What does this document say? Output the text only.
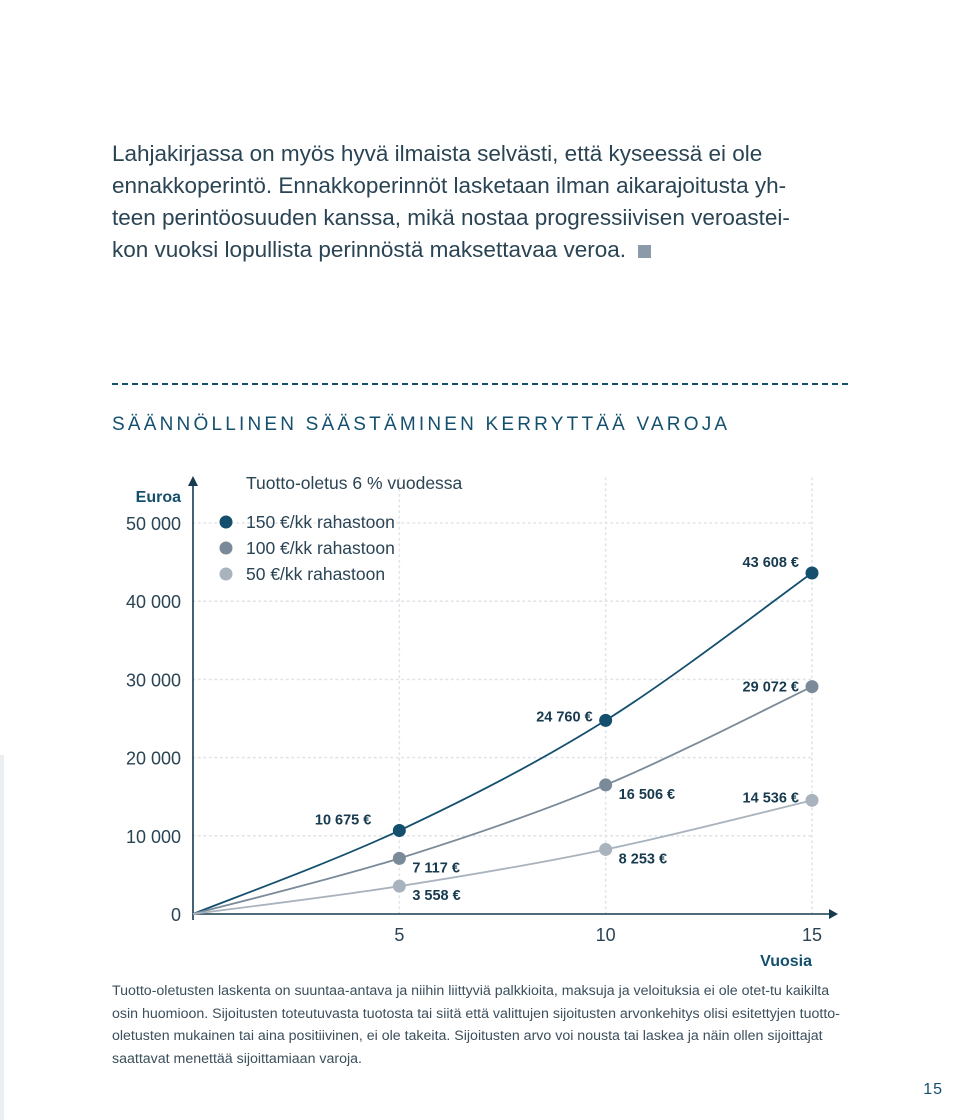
Lahjakirjassa on myös hyvä ilmaista selvästi, että kyseessä ei ole

ennakkoperintö. Ennakkoperinnöt lasketaan ilman aikarajoitusta yh-

teen perintöosuuden kanssa, mikä nostaa progressiivisen veroastei-

kon vuoksi lopullista perinnöstä maksettavaa veroa.

SÄÄNNÖLLINEN SÄÄSTÄMINEN KERRYTTÄÄ VAROJA
0
10 000
20 000
30 000
40 000
50 000
5	10	15
Euroa
Vuosia
Tuotto-oletus 6 % vuodessa
150 €/kk rahastoon
100 €/kk rahastoon
50 €/kk rahastoon
10 675 €
24 760 €
43 608 €
7 117 €
16 506 €
29 072 €
3 558 €
8 253 €
14 536 €
Tuotto-oletusten laskenta on suuntaa-antava ja niihin liittyviä palkkioita, maksuja ja veloituksia ei ole otet-tu kaikilta osin huomioon. Sijoitusten toteutuvasta tuotosta tai siitä että valittujen sijoitusten arvonkehitys olisi esitettyjen tuotto-oletusten mukainen tai aina positiivinen, ei ole takeita. Sijoitusten arvo voi nousta tai laskea ja näin ollen sijoittajat saattavat menettää sijoittamiaan varoja.
15
